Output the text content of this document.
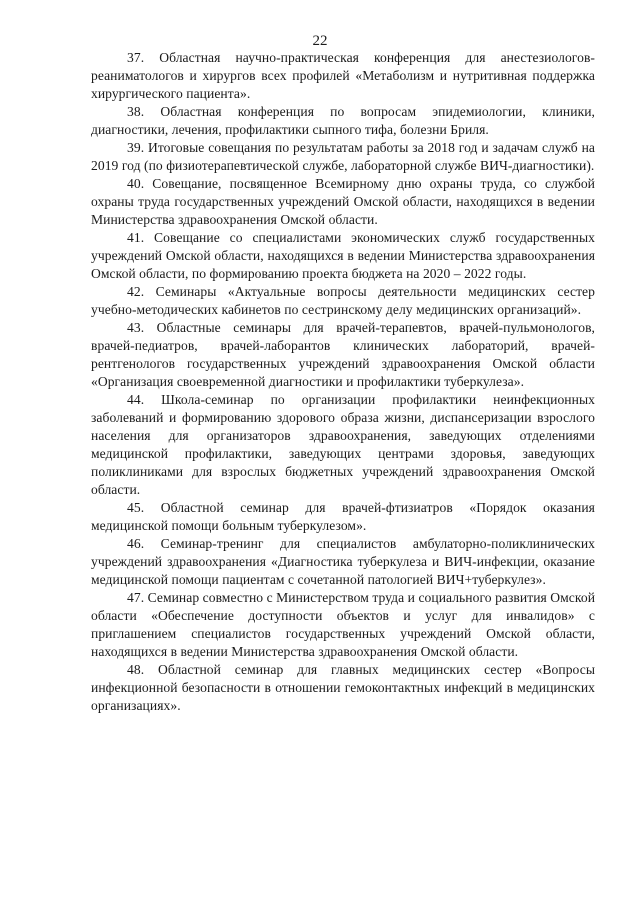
22

37. Областная научно-практическая конференция для анестезиологов-реаниматологов и хирургов всех профилей «Метаболизм и нутритивная поддержка хирургического пациента».

38. Областная конференция по вопросам эпидемиологии, клиники, диагностики, лечения, профилактики сыпного тифа, болезни Бриля.

39. Итоговые совещания по результатам работы за 2018 год и задачам служб на 2019 год (по физиотерапевтической службе, лабораторной службе ВИЧ-диагностики).

40. Совещание, посвященное Всемирному дню охраны труда, со службой охраны труда государственных учреждений Омской области, находящихся в ведении Министерства здравоохранения Омской области.

41. Совещание со специалистами экономических служб государственных учреждений Омской области, находящихся в ведении Министерства здравоохранения Омской области, по формированию проекта бюджета на 2020 – 2022 годы.

42. Семинары «Актуальные вопросы деятельности медицинских сестер учебно-методических кабинетов по сестринскому делу медицинских организаций».

43. Областные семинары для врачей-терапевтов, врачей-пульмонологов, врачей-педиатров, врачей-лаборантов клинических лабораторий, врачей-рентгенологов государственных учреждений здравоохранения Омской области «Организация своевременной диагностики и профилактики туберкулеза».

44. Школа-семинар по организации профилактики неинфекционных заболеваний и формированию здорового образа жизни, диспансеризации взрослого населения для организаторов здравоохранения, заведующих отделениями медицинской профилактики, заведующих центрами здоровья, заведующих поликлиниками для взрослых бюджетных учреждений здравоохранения Омской области.

45. Областной семинар для врачей-фтизиатров «Порядок оказания медицинской помощи больным туберкулезом».

46. Семинар-тренинг для специалистов амбулаторно-поликлинических учреждений здравоохранения «Диагностика туберкулеза и ВИЧ-инфекции, оказание медицинской помощи пациентам с сочетанной патологией ВИЧ+туберкулез».

47. Семинар совместно с Министерством труда и социального развития Омской области «Обеспечение доступности объектов и услуг для инвалидов» с приглашением специалистов государственных учреждений Омской области, находящихся в ведении Министерства здравоохранения Омской области.

48. Областной семинар для главных медицинских сестер «Вопросы инфекционной безопасности в отношении гемоконтактных инфекций в медицинских организациях».
